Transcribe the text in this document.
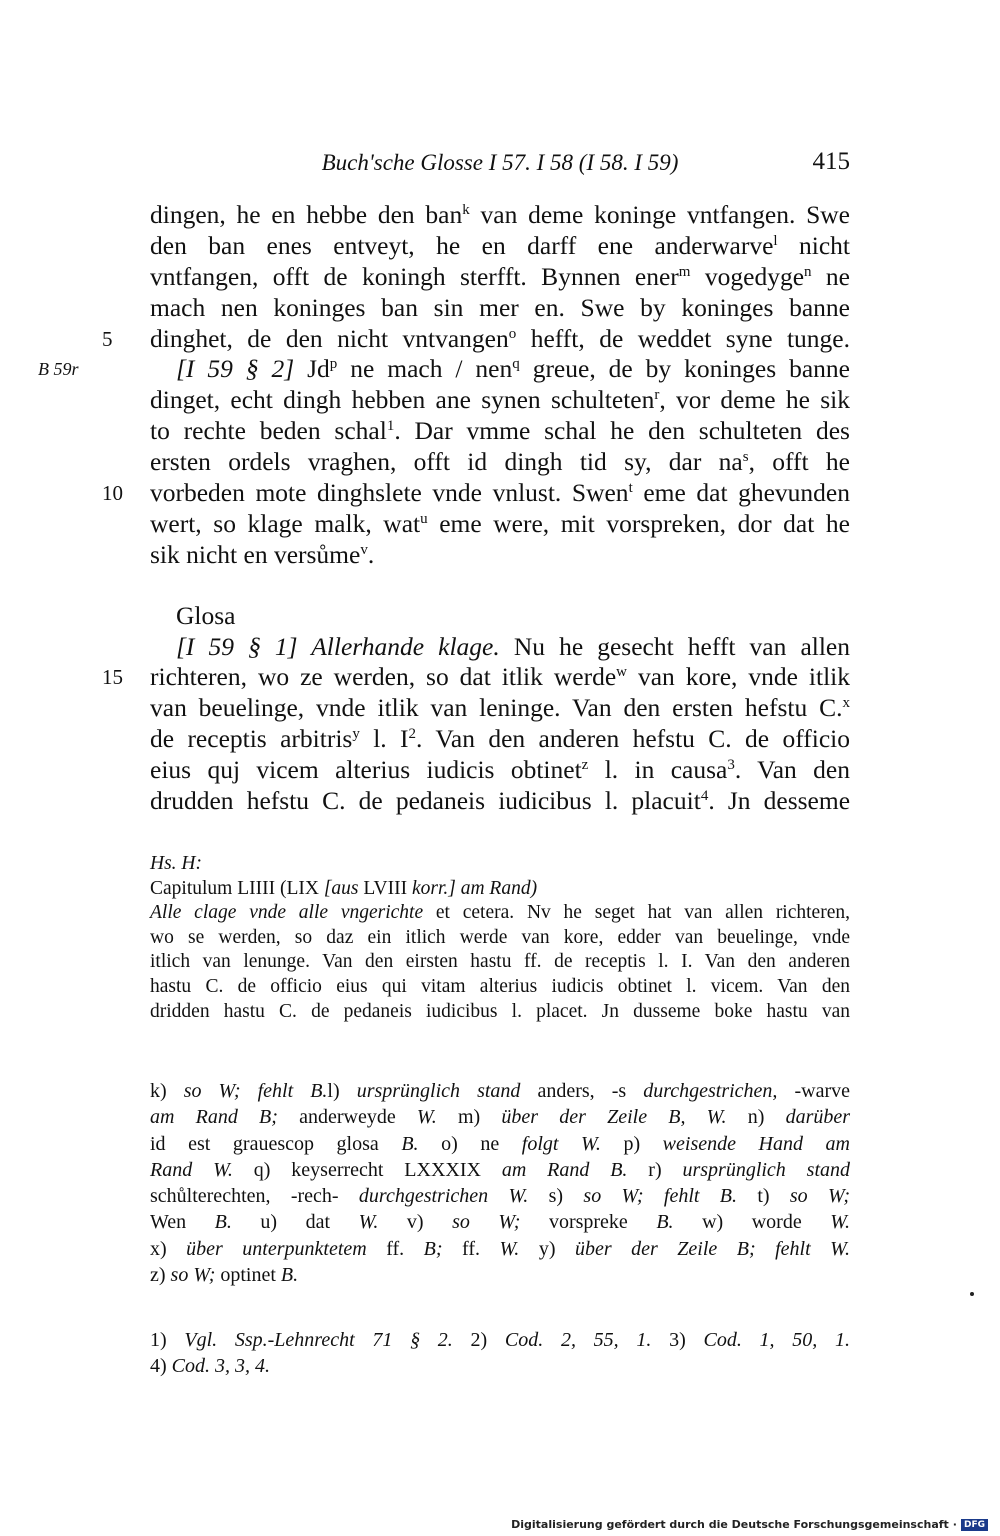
Buch'sche Glosse I 57. I 58 (I 58. I 59)	415
dingen, he en hebbe den ban$^k$ van deme koninge vntfangen. Swe
den ban enes entveyt, he en darff ene anderwarve$^l$ nicht
vntfangen, offt de koningh sterfft. Bynnen ener$^m$ vogedyge$^n$ ne
mach nen koninges ban sin mer en. Swe by koninges banne
5 dinghet, de den nicht vntvangen$^o$ hefft, de weddet syne tunge.
B 59r	[I 59 § 2] Jd$^p$ ne mach / nen$^q$ greue, de by koninges banne
dinget, echt dingh hebben ane synen schulteten$^r$, vor deme he sik
to rechte beden schal$^1$. Dar vmme schal he den schulteten des
ersten ordels vraghen, offt id dingh tid sy, dar $na^s$, offt he
10 vorbeden mote dinghslete vnde vnlust. Swen$^t$ eme dat ghevunden
wert, so klage malk, wat$^u$ eme were, mit vorspreken, dor dat he
sik nicht en versůme$^v$.
Glosa
[I 59 § 1] Allerhande klage. Nu he gesecht hefft van allen
15 richteren, wo ze werden, so dat itlik werde$^w$ van kore, vnde itlik
van beuelinge, vnde itlik van leninge. Van den ersten hefstu C.$^x$
de receptis arbitris$^y$ l. $I^2$. Van den anderen hefstu C. de officio
eius quj vicem alterius iudicis obtinet$^z$ l. in causa$^3$. Van den
drudden hefstu C. de pedaneis iudicibus l. placuit$^4$. Jn desseme
Hs. H:
Capitulum LIIII (LIX [aus LVIII korr.] am Rand)
Alle clage vnde alle vngerichte et cetera. Nv he seget hat van allen richteren,
wo se werden, so daz ein itlich werde van kore, edder van beuelinge, vnde
itlich van lenunge. Van den eirsten hastu ff. de receptis l. I. Van den anderen
hastu C. de officio eius qui vitam alterius iudicis obtinet l. vicem. Van den
dridden hastu C. de pedaneis iudicibus l. placet. Jn dusseme boke hastu van
k) so W; fehlt B.l) ursprünglich stand anders, -s durchgestrichen, -warve
am Rand B; anderweyde W. m) über der Zeile B, W. n) darüber
id est grauescop glosa B. o) ne folgt W. p) weisende Hand am
Rand W. q) keyserrecht LXXXIX am Rand B. r) ursprünglich stand
schůlterechten, -rech- durchgestrichen W. s) so W; fehlt B. t) so W;
Wen B. u) dat W. v) so W; vorspreke B. w) worde W.
x) über unterpunktetem ff. B; ff. W. y) über der Zeile B; fehlt W.
z) so W; optinet B.
1) Vgl. Ssp.-Lehnrecht 71 § 2. 2) Cod. 2, 55, 1. 3) Cod. 1, 50, 1.
4) Cod. 3, 3, 4.
Digitalisierung gefördert durch die Deutsche Forschungsgemeinschaft · DFG
